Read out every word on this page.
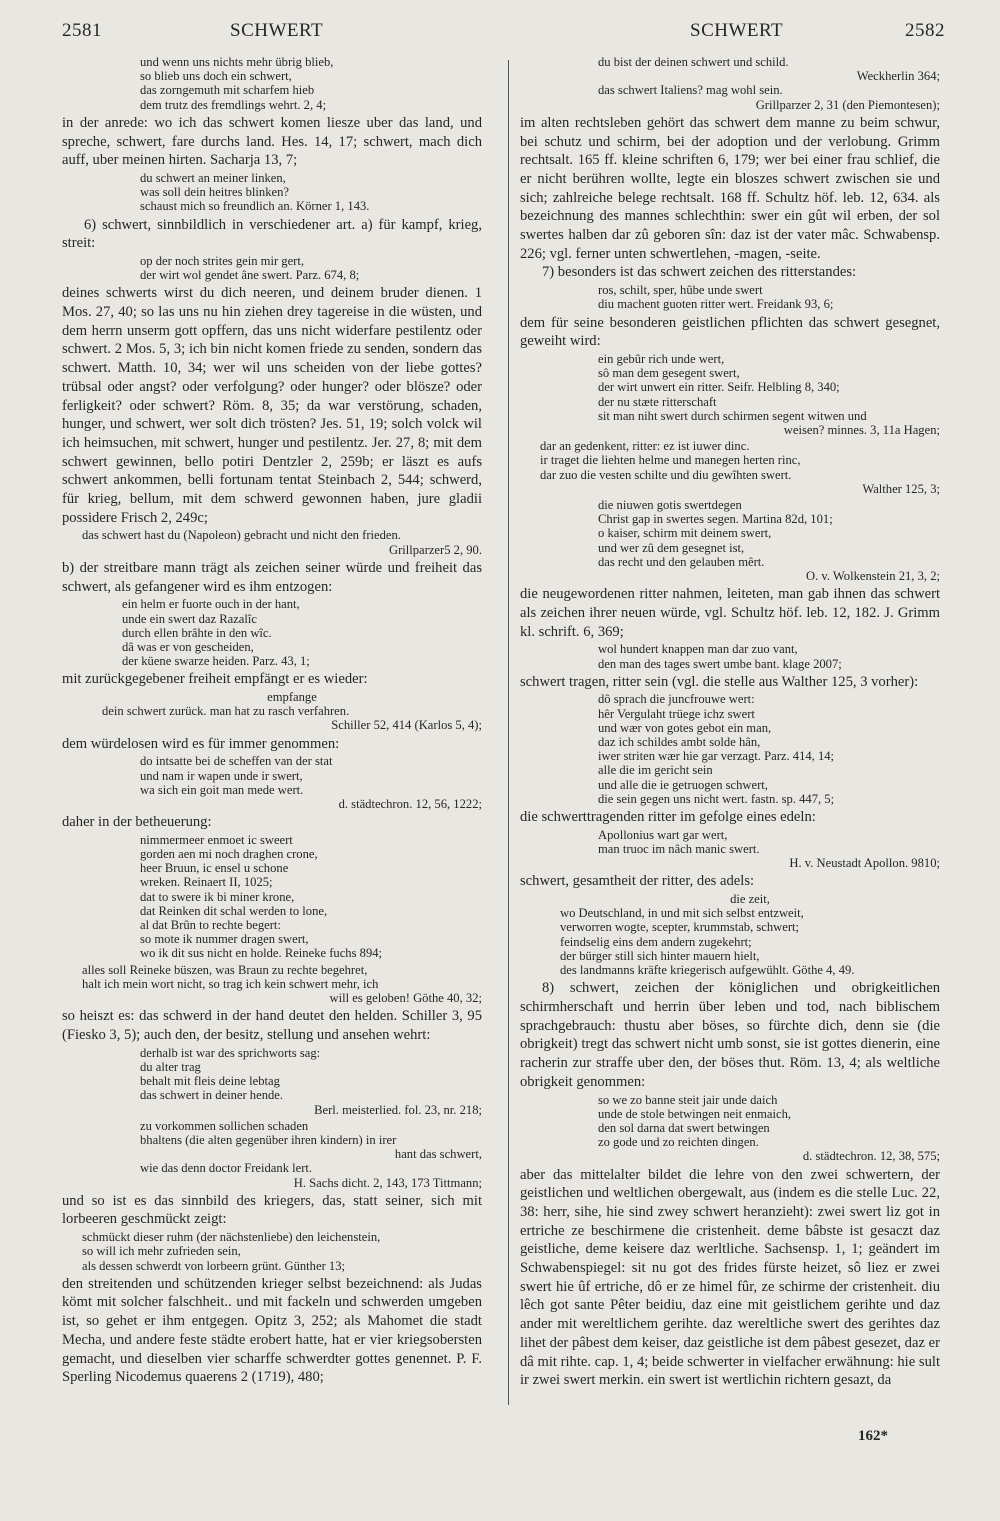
2581	SCHWERT	SCHWERT	2582
und wenn uns nichts mehr übrig blieb,
so blieb uns doch ein schwert,
das zorngemuth mit scharfem hieb
dem trutz des fremdlings wehrt. 2, 4;

in der anrede: wo ich das schwert komen liesze uber das land, und spreche, schwert, fare durchs land. Hes. 14, 17; schwert, mach dich auff, uber meinen hirten. Sacharja 13, 7;

du schwert an meiner linken,
was soll dein heitres blinken?
schaust mich so freundlich an. Körner 1, 143.

6) schwert, sinnbildlich in verschiedener art. a) für kampf, krieg, streit:

op der noch strites gein mir gert,
der wirt wol gendet âne swert. Parz. 674, 8;

deines schwerts wirst du dich neeren, und deinem bruder dienen. 1 Mos. 27, 40; so las uns nu hin ziehen drey tagereise in die wüsten, und dem herrn unserm gott opffern, das uns nicht widerfare pestilentz oder schwert. 2 Mos. 5, 3; ich bin nicht komen friede zu senden, sondern das schwert. Matth. 10, 34; wer wil uns scheiden von der liebe gottes? trübsal oder angst? oder verfolgung? oder hunger? oder blösze? oder ferligkeit? oder schwert? Röm. 8, 35; da war verstörung, schaden, hunger, und schwert, wer solt dich trösten? Jes. 51, 19; solch volck wil ich heimsuchen, mit schwert, hunger und pestilentz. Jer. 27, 8; mit dem schwert gewinnen, bello potiri Dentzler 2, 259b; er läszt es aufs schwert ankommen, belli fortunam tentat Steinbach 2, 544; schwerd, für krieg, bellum, mit dem schwerd gewonnen haben, jure gladii possidere Frisch 2, 249c;

das schwert hast du (Napoleon) gebracht und nicht den frieden.
Grillparzer5 2, 90.

b) der streitbare mann trägt als zeichen seiner würde und freiheit das schwert, als gefangener wird es ihm entzogen:

ein helm er fuorte ouch in der hant,
unde ein swert daz Razalîc
durch ellen brâhte in den wîc.
dâ was er von gescheiden,
der küene swarze heiden. Parz. 43, 1;

mit zurückgegebener freiheit empfängt er es wieder:

empfange
dein schwert zurück. man hat zu rasch verfahren.
Schiller 52, 414 (Karlos 5, 4);

dem würdelosen wird es für immer genommen:

do intsatte bei de scheffen van der stat
und nam ir wapen unde ir swert,
wa sich ein goit man mede wert.
d. städtechron. 12, 56, 1222;

daher in der betheuerung:

nimmermeer enmoet ic sweert
gorden aen mi noch draghen crone,
heer Bruun, ic ensel u schone
wreken. Reinaert II, 1025;
dat to swere ik bi miner krone,
dat Reinken dit schal werden to lone,
al dat Brûn to rechte begert:
so mote ik nummer dragen swert,
wo ik dit sus nicht en holde. Reineke fuchs 894;
alles soll Reineke büszen, was Braun zu rechte begehret,
halt ich mein wort nicht, so trag ich kein schwert mehr, ich
will es geloben! Göthe 40, 32;

so heiszt es: das schwerd in der hand deutet den helden. Schiller 3, 95 (Fiesko 3, 5); auch den, der besitz, stellung und ansehen wehrt:

derhalb ist war des sprichworts sag:
du alter trag
behalt mit fleis deine lebtag
das schwert in deiner hende.
Berl. meisterlied. fol. 23, nr. 218;
zu vorkommen sollichen schaden
bhaltens (die alten gegenüber ihren kindern) in irer
hant das schwert,
wie das denn doctor Freidank lert.
H. Sachs dicht. 2, 143, 173 Tittmann;

und so ist es das sinnbild des kriegers, das, statt seiner, sich mit lorbeeren geschmückt zeigt:

schmückt dieser ruhm (der nächstenliebe) den leichenstein,
so will ich mehr zufrieden sein,
als dessen schwerdt von lorbeern grünt. Günther 13;

den streitenden und schützenden krieger selbst bezeichnend: als Judas kömt mit solcher falschheit.. und mit fackeln und schwerden umgeben ist, so gehet er ihm entgegen. Opitz 3, 252; als Mahomet die stadt Mecha, und andere feste städte erobert hatte, hat er vier kriegsobersten gemacht, und dieselben vier scharffe schwerdter gottes genennet. P. F. Sperling Nicodemus quaerens 2 (1719), 480;

du bist der deinen schwert und schild.
Weckherlin 364;
das schwert Italiens? mag wohl sein.
Grillparzer 2, 31 (den Piemontesen);

im alten rechtsleben gehört das schwert dem manne zu beim schwur, bei schutz und schirm, bei der adoption und der verlobung. Grimm rechtsalt. 165 ff. kleine schriften 6, 179; wer bei einer frau schlief, die er nicht berühren wollte, legte ein bloszes schwert zwischen sie und sich; zahlreiche belege rechtsalt. 168 ff. Schultz höf. leb. 12, 634. als bezeichnung des mannes schlechthin: swer ein gût wil erben, der sol swertes halben dar zû geboren sîn: daz ist der vater mâc. Schwabensp. 226; vgl. ferner unten schwertlehen, -magen, -seite.

7) besonders ist das schwert zeichen des ritterstandes:

ros, schilt, sper, hûbe unde swert
diu machent guoten ritter wert. Freidank 93, 6;

dem für seine besonderen geistlichen pflichten das schwert gesegnet, geweiht wird:

ein gebûr rich unde wert,
sô man dem gesegent swert,
der wirt unwert ein ritter. Seifr. Helbling 8, 340;
der nu stæte ritterschaft
sit man niht swert durch schirmen segent witwen und
weisen? minnes. 3, 11a Hagen;
dar an gedenkent, ritter: ez ist iuwer dinc.
ir traget die liehten helme und manegen herten rinc,
dar zuo die vesten schilte und diu gewîhten swert.
Walther 125, 3;
die niuwen gotis swertdegen
Christ gap in swertes segen. Martina 82d, 101;
o kaiser, schirm mit deinem swert,
und wer zû dem gesegnet ist,
das recht und den gelauben mêrt.
O. v. Wolkenstein 21, 3, 2;

die neugewordenen ritter nahmen, leiteten, man gab ihnen das schwert als zeichen ihrer neuen würde, vgl. Schultz höf. leb. 12, 182. J. Grimm kl. schrift. 6, 369;

wol hundert knappen man dar zuo vant,
den man des tages swert umbe bant. klage 2007;

schwert tragen, ritter sein (vgl. die stelle aus Walther 125, 3 vorher):

dô sprach die juncfrouwe wert:
hêr Vergulaht trüege ichz swert
und wær von gotes gebot ein man,
daz ich schildes ambt solde hân,
iwer striten wær hie gar verzagt. Parz. 414, 14;
alle die im gericht sein
und alle die ie getruogen schwert,
die sein gegen uns nicht wert. fastn. sp. 447, 5;

die schwerttragenden ritter im gefolge eines edeln:

Apollonius wart gar wert,
man truoc im nâch manic swert.
H. v. Neustadt Apollon. 9810;

schwert, gesamtheit der ritter, des adels:

die zeit,
wo Deutschland, in und mit sich selbst entzweit,
verworren wogte, scepter, krummstab, schwert;
feindselig eins dem andern zugekehrt;
der bürger still sich hinter mauern hielt,
des landmanns kräfte kriegerisch aufgewühlt. Göthe 4, 49.

8) schwert, zeichen der königlichen und obrigkeitlichen schirmherschaft und herrin über leben und tod, nach biblischem sprachgebrauch: thustu aber böses, so fürchte dich, denn sie (die obrigkeit) tregt das schwert nicht umb sonst, sie ist gottes dienerin, eine racherin zur straffe uber den, der böses thut. Röm. 13, 4; als weltliche obrigkeit genommen:

so we zo banne steit jair unde daich
unde de stole betwingen neit enmaich,
den sol darna dat swert betwingen
zo gode und zo reichten dingen.
d. städtechron. 12, 38, 575;

aber das mittelalter bildet die lehre von den zwei schwertern, der geistlichen und weltlichen obergewalt, aus (indem es die stelle Luc. 22, 38: herr, sihe, hie sind zwey schwert heranzieht): zwei swert liz got in ertriche ze beschirmene die cristenheit. deme bâbste ist gesaczt daz geistliche, deme keisere daz werltliche. Sachsensp. 1, 1; geändert im Schwabenspiegel: sit nu got des frides fürste heizet, sô liez er zwei swert hie ûf ertriche, dô er ze himel fûr, ze schirme der cristenheit. diu lêch got sante Pêter beidiu, daz eine mit geistlichem gerihte und daz ander mit wereltlichem gerihte. daz wereltliche swert des gerihtes daz lihet der pâbest dem keiser, daz geistliche ist dem pâbest gesezet, daz er dâ mit rihte. cap. 1, 4; beide schwerter in vielfacher erwähnung: hie sult ir zwei swert merkin. ein swert ist wertlichin richtern gesazt, da

162*
